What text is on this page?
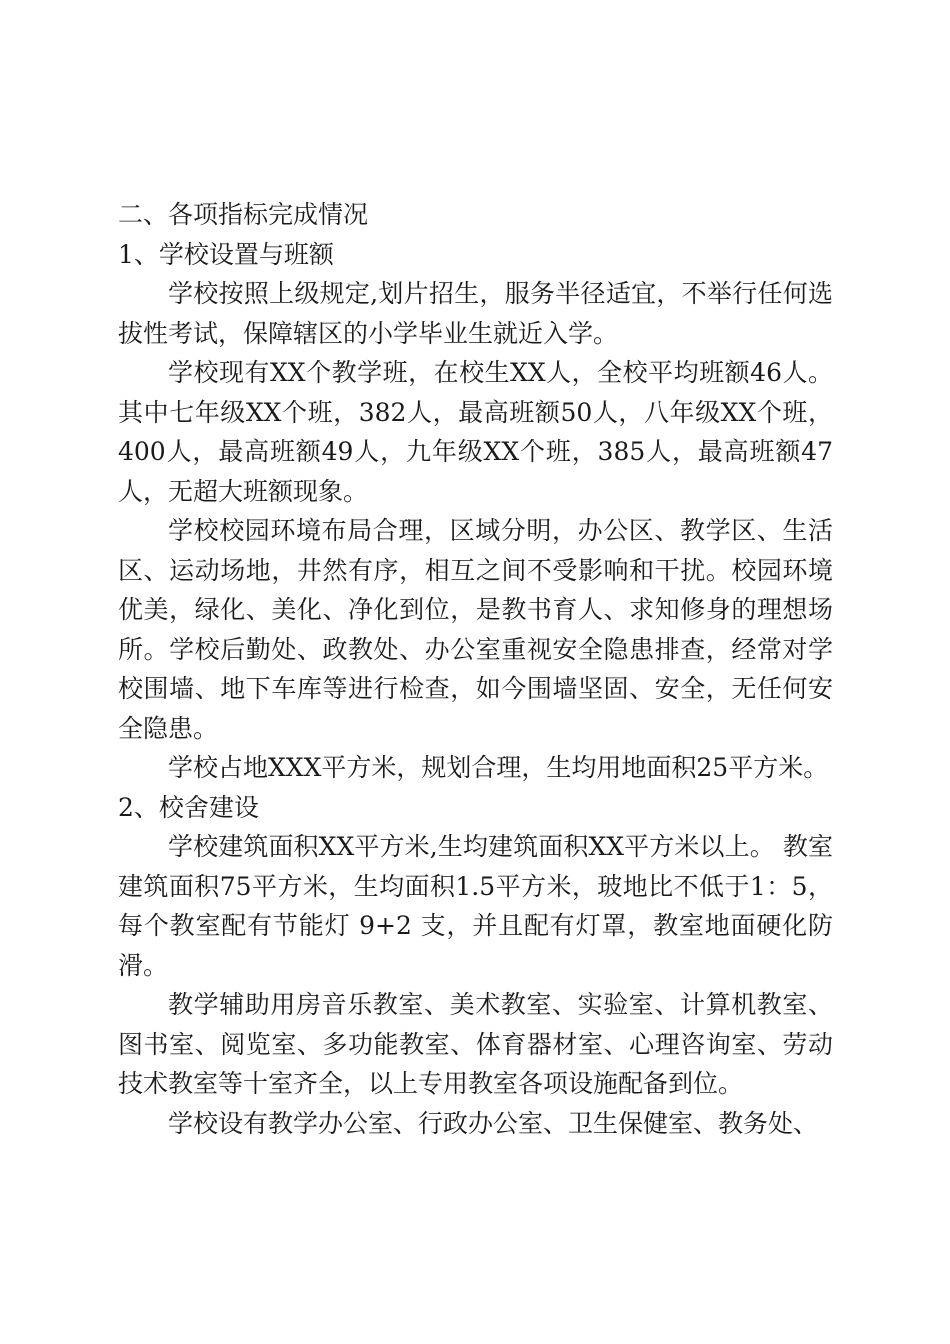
二、各项指标完成情况

1、学校设置与班额

学校按照上级规定,划片招生，服务半径适宜，不举行任何选拔性考试，保障辖区的小学毕业生就近入学。

学校现有XX个教学班，在校生XX人，全校平均班额46人。其中七年级XX个班，382人，最高班额50人，八年级XX个班，400人，最高班额49人，九年级XX个班，385人，最高班额47人，无超大班额现象。

学校校园环境布局合理，区域分明，办公区、教学区、生活区、运动场地，井然有序，相互之间不受影响和干扰。校园环境优美，绿化、美化、净化到位，是教书育人、求知修身的理想场所。学校后勤处、政教处、办公室重视安全隐患排查，经常对学校围墙、地下车库等进行检查，如今围墙坚固、安全，无任何安全隐患。

学校占地XXX平方米，规划合理，生均用地面积25平方米。

2、校舍建设

学校建筑面积XX平方米,生均建筑面积XX平方米以上。 教室建筑面积75平方米，生均面积1.5平方米，玻地比不低于1：5，每个教室配有节能灯 9+2 支，并且配有灯罩，教室地面硬化防滑。

教学辅助用房音乐教室、美术教室、实验室、计算机教室、图书室、阅览室、多功能教室、体育器材室、心理咨询室、劳动技术教室等十室齐全，以上专用教室各项设施配备到位。

学校设有教学办公室、行政办公室、卫生保健室、教务处、
